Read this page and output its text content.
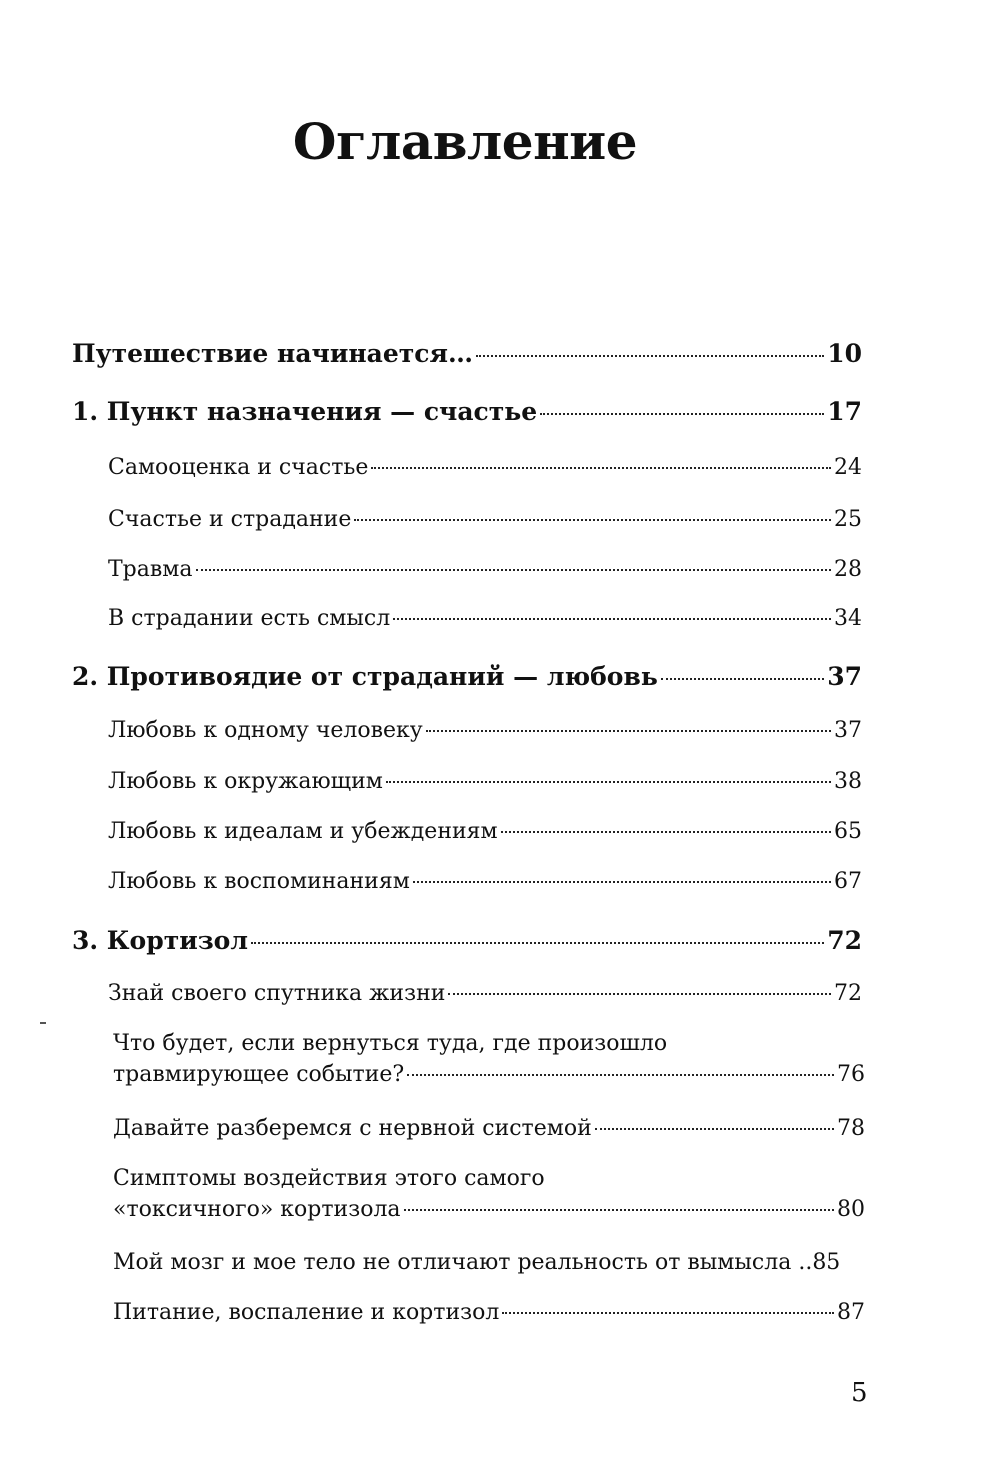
Оглавление
Путешествие начинается…	10
1. Пункт назначения — счастье	17
Самооценка и счастье	24
Счастье и страдание	25
Травма	28
В страдании есть смысл	34
2. Противоядие от страданий — любовь	37
Любовь к одному человеку	37
Любовь к окружающим	38
Любовь к идеалам и убеждениям	65
Любовь к воспоминаниям	67
3. Кортизол	72
Знай своего спутника жизни	72
Что будет, если вернуться туда, где произошло
травмирующее событие?	76
Давайте разберемся с нервной системой	78
Симптомы воздействия этого самого
«токсичного» кортизола	80
Мой мозг и мое тело не отличают реальность от вымысла .. 85
Питание, воспаление и кортизол	87
5
